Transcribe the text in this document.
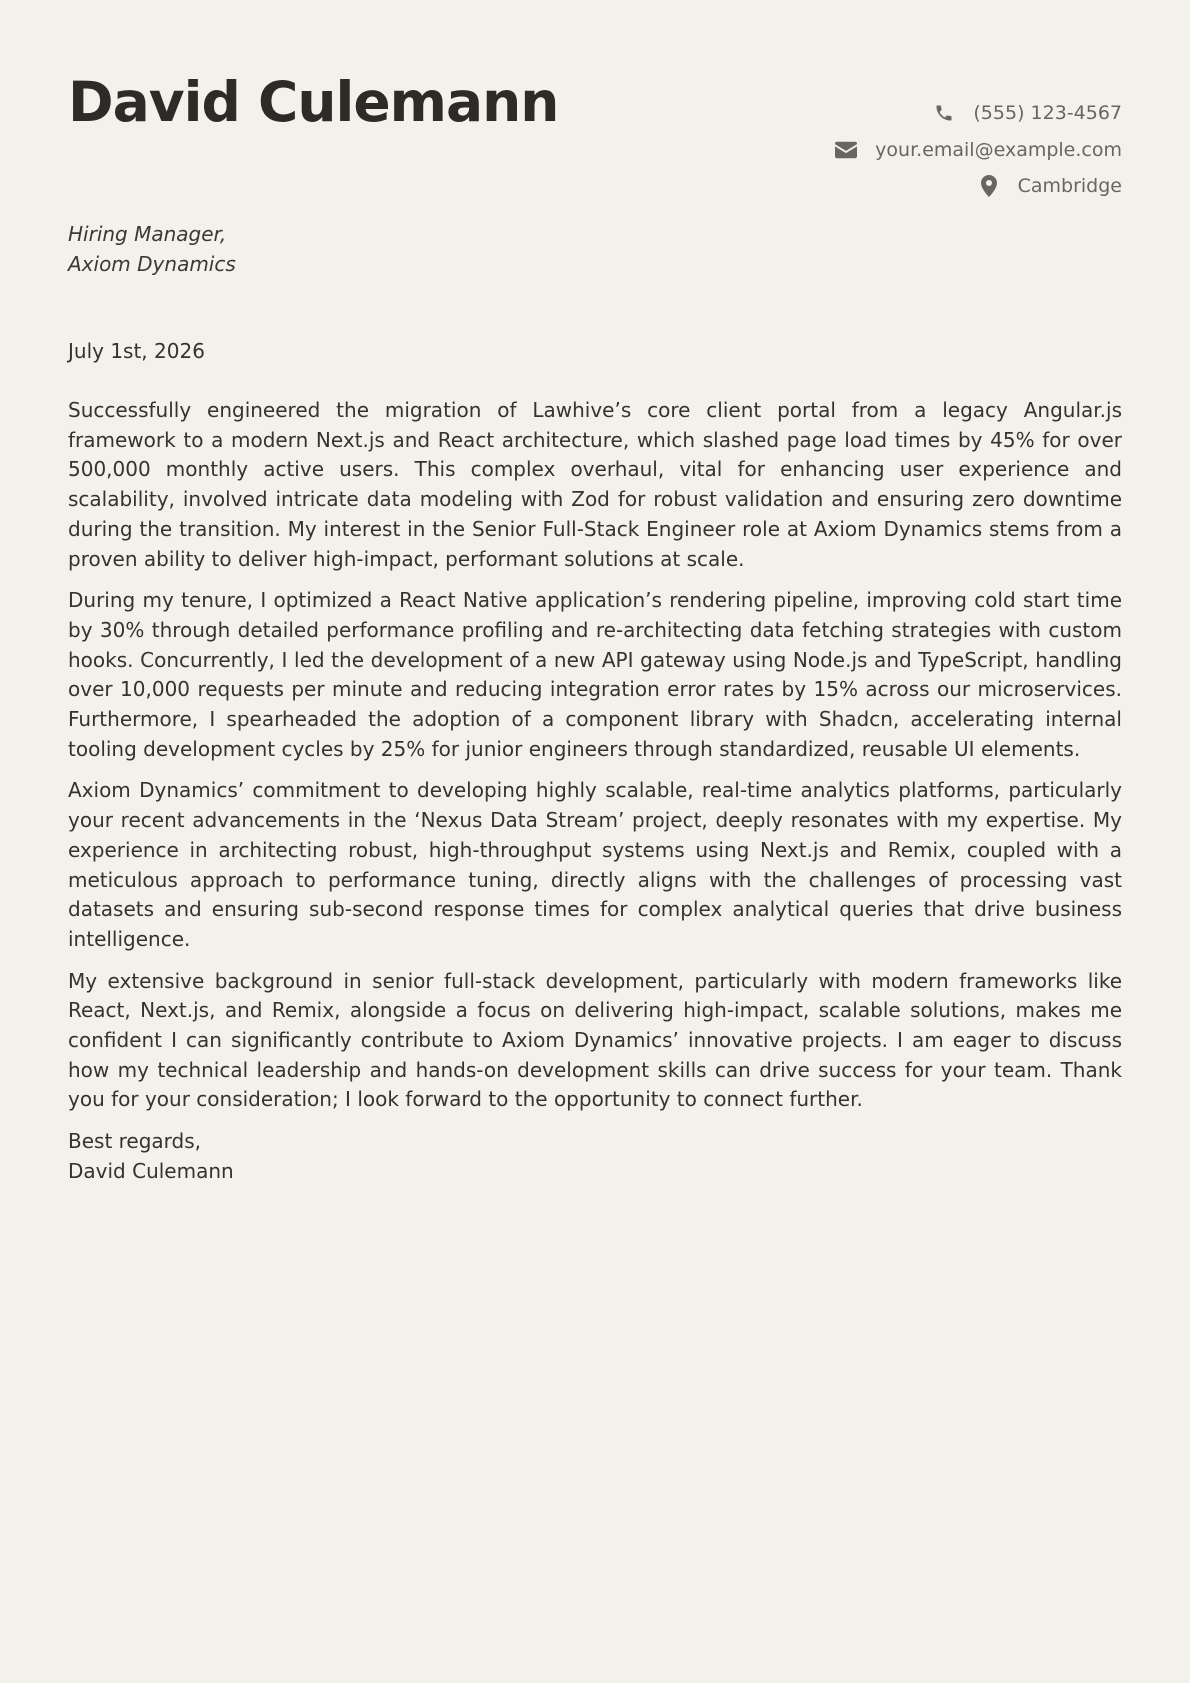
David Culemann	(555) 123-4567
your.email@example.com
Cambridge
Hiring Manager,
Axiom Dynamics
July 1st, 2026

Successfully engineered the migration of Lawhive’s core client portal from a legacy Angular.js framework to a modern Next.js and React architecture, which slashed page load times by 45% for over 500,000 monthly active users. This complex overhaul, vital for enhancing user experience and scalability, involved intricate data modeling with Zod for robust validation and ensuring zero downtime during the transition. My interest in the Senior Full-Stack Engineer role at Axiom Dynamics stems from a proven ability to deliver high-impact, performant solutions at scale.

During my tenure, I optimized a React Native application’s rendering pipeline, improving cold start time by 30% through detailed performance profiling and re-architecting data fetching strategies with custom hooks. Concurrently, I led the development of a new API gateway using Node.js and TypeScript, handling over 10,000 requests per minute and reducing integration error rates by 15% across our microservices. Furthermore, I spearheaded the adoption of a component library with Shadcn, accelerating internal tooling development cycles by 25% for junior engineers through standardized, reusable UI elements.

Axiom Dynamics’ commitment to developing highly scalable, real-time analytics platforms, particularly your recent advancements in the ‘Nexus Data Stream’ project, deeply resonates with my expertise. My experience in architecting robust, high-throughput systems using Next.js and Remix, coupled with a meticulous approach to performance tuning, directly aligns with the challenges of processing vast datasets and ensuring sub-second response times for complex analytical queries that drive business intelligence.

My extensive background in senior full-stack development, particularly with modern frameworks like React, Next.js, and Remix, alongside a focus on delivering high-impact, scalable solutions, makes me confident I can significantly contribute to Axiom Dynamics’ innovative projects. I am eager to discuss how my technical leadership and hands-on development skills can drive success for your team. Thank you for your consideration; I look forward to the opportunity to connect further.

Best regards,
David Culemann
